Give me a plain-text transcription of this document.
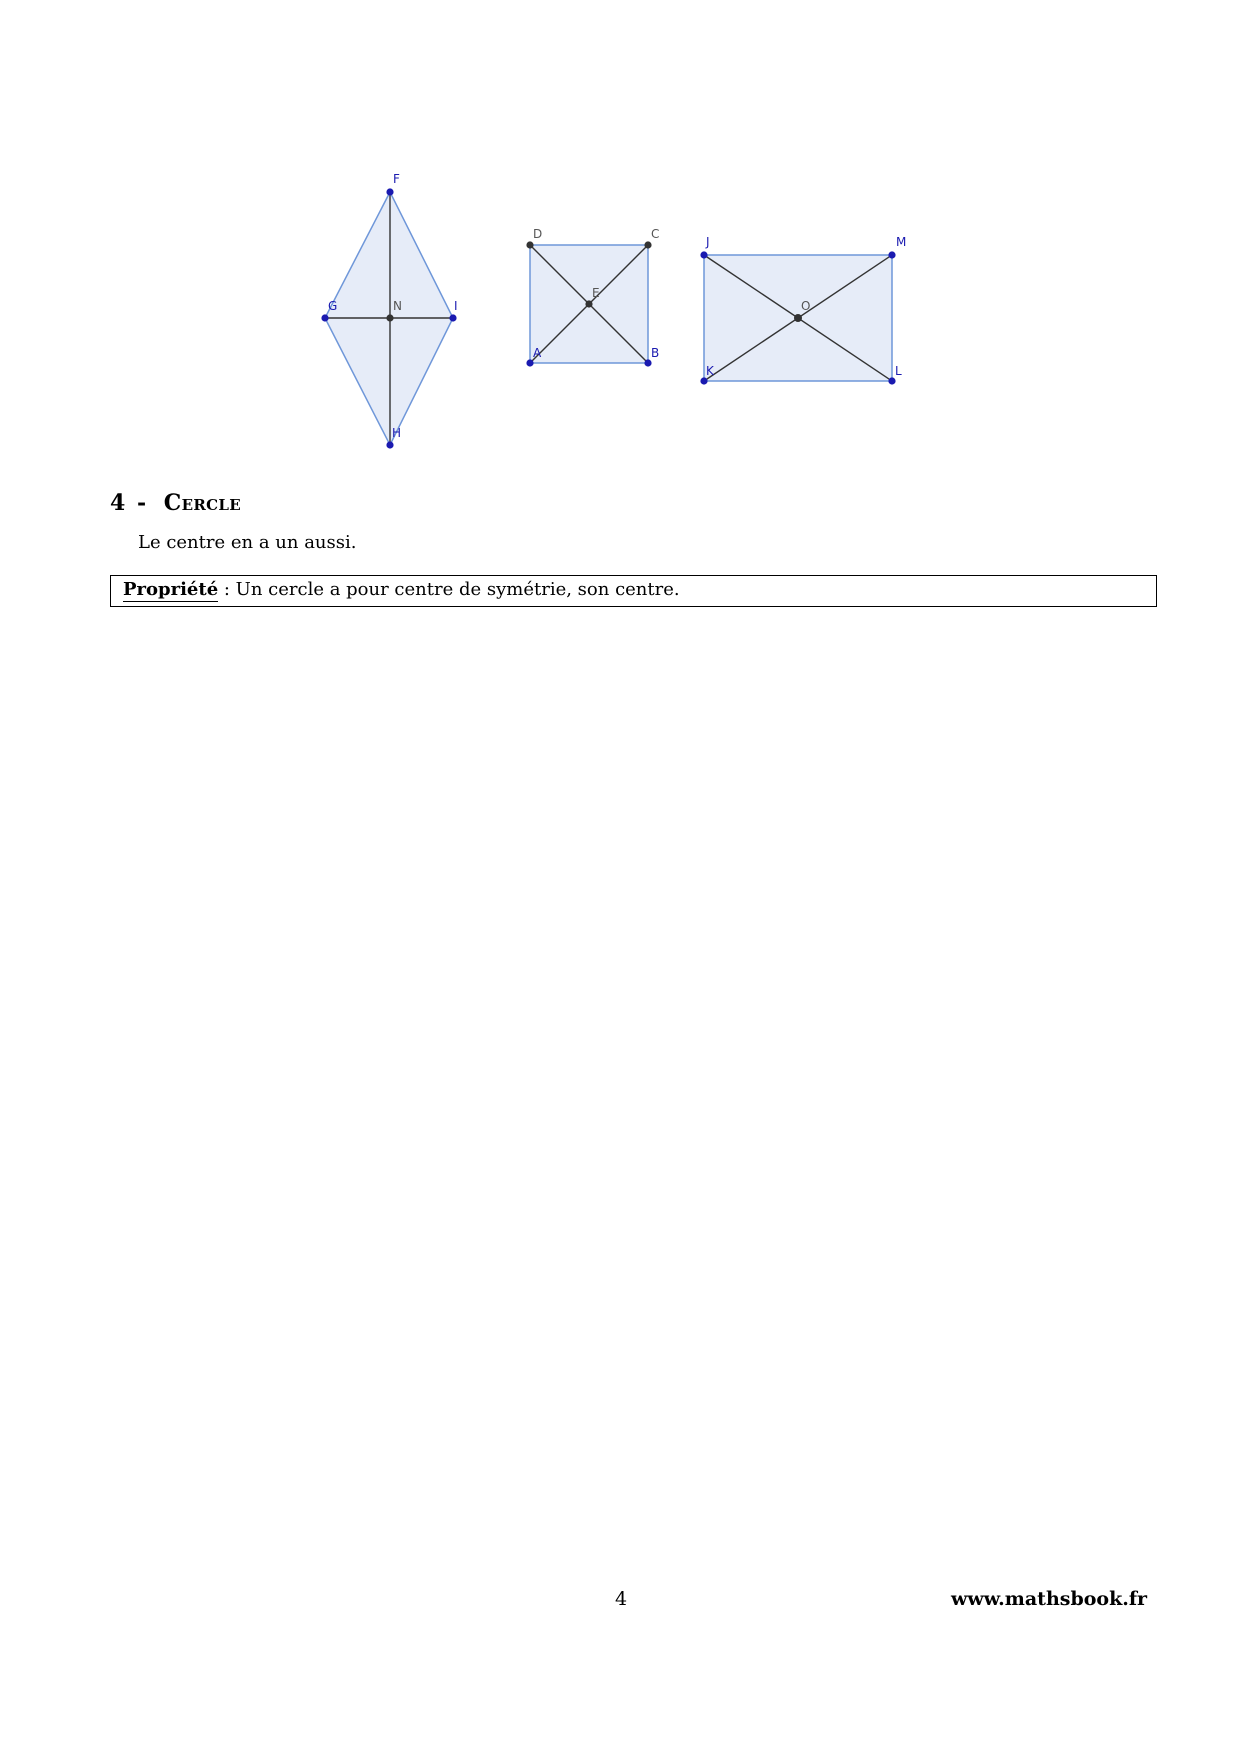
F
G	N	I
H
D	C
E
A	B
J	M
O
K	L
4 - Cercle
Le centre en a un aussi.
Propriété : Un cercle a pour centre de symétrie, son centre.
4	www.mathsbook.fr
